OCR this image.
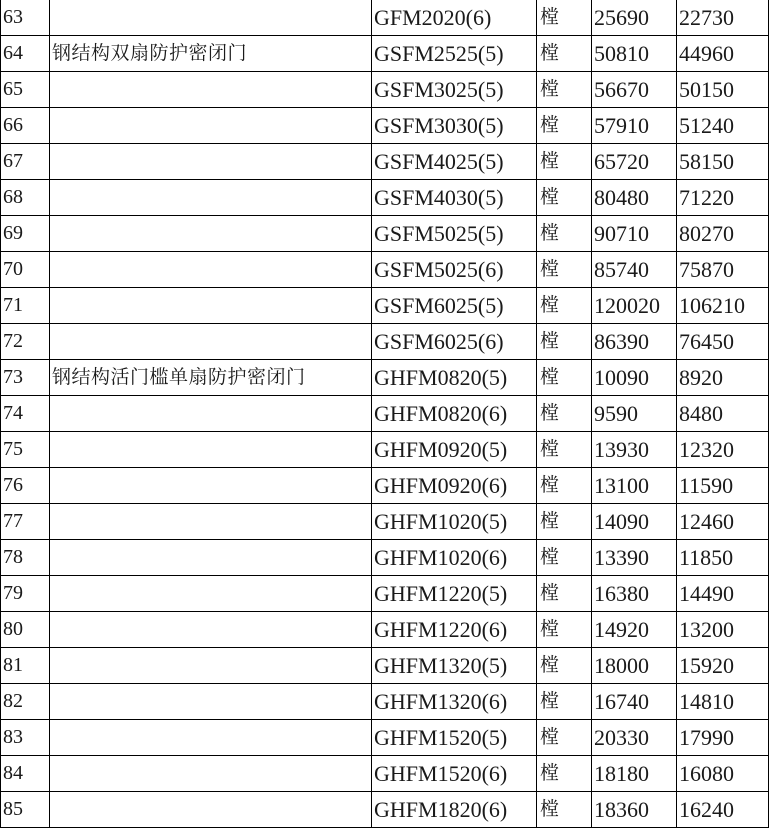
63		GFM2020(6)	樘	25690	22730
64	钢结构双扇防护密闭门	GSFM2525(5)	樘	50810	44960
65		GSFM3025(5)	樘	56670	50150
66		GSFM3030(5)	樘	57910	51240
67		GSFM4025(5)	樘	65720	58150
68		GSFM4030(5)	樘	80480	71220
69		GSFM5025(5)	樘	90710	80270
70		GSFM5025(6)	樘	85740	75870
71		GSFM6025(5)	樘	120020	106210
72		GSFM6025(6)	樘	86390	76450
73	钢结构活门槛单扇防护密闭门	GHFM0820(5)	樘	10090	8920
74		GHFM0820(6)	樘	9590	8480
75		GHFM0920(5)	樘	13930	12320
76		GHFM0920(6)	樘	13100	11590
77		GHFM1020(5)	樘	14090	12460
78		GHFM1020(6)	樘	13390	11850
79		GHFM1220(5)	樘	16380	14490
80		GHFM1220(6)	樘	14920	13200
81		GHFM1320(5)	樘	18000	15920
82		GHFM1320(6)	樘	16740	14810
83		GHFM1520(5)	樘	20330	17990
84		GHFM1520(6)	樘	18180	16080
85		GHFM1820(6)	樘	18360	16240
